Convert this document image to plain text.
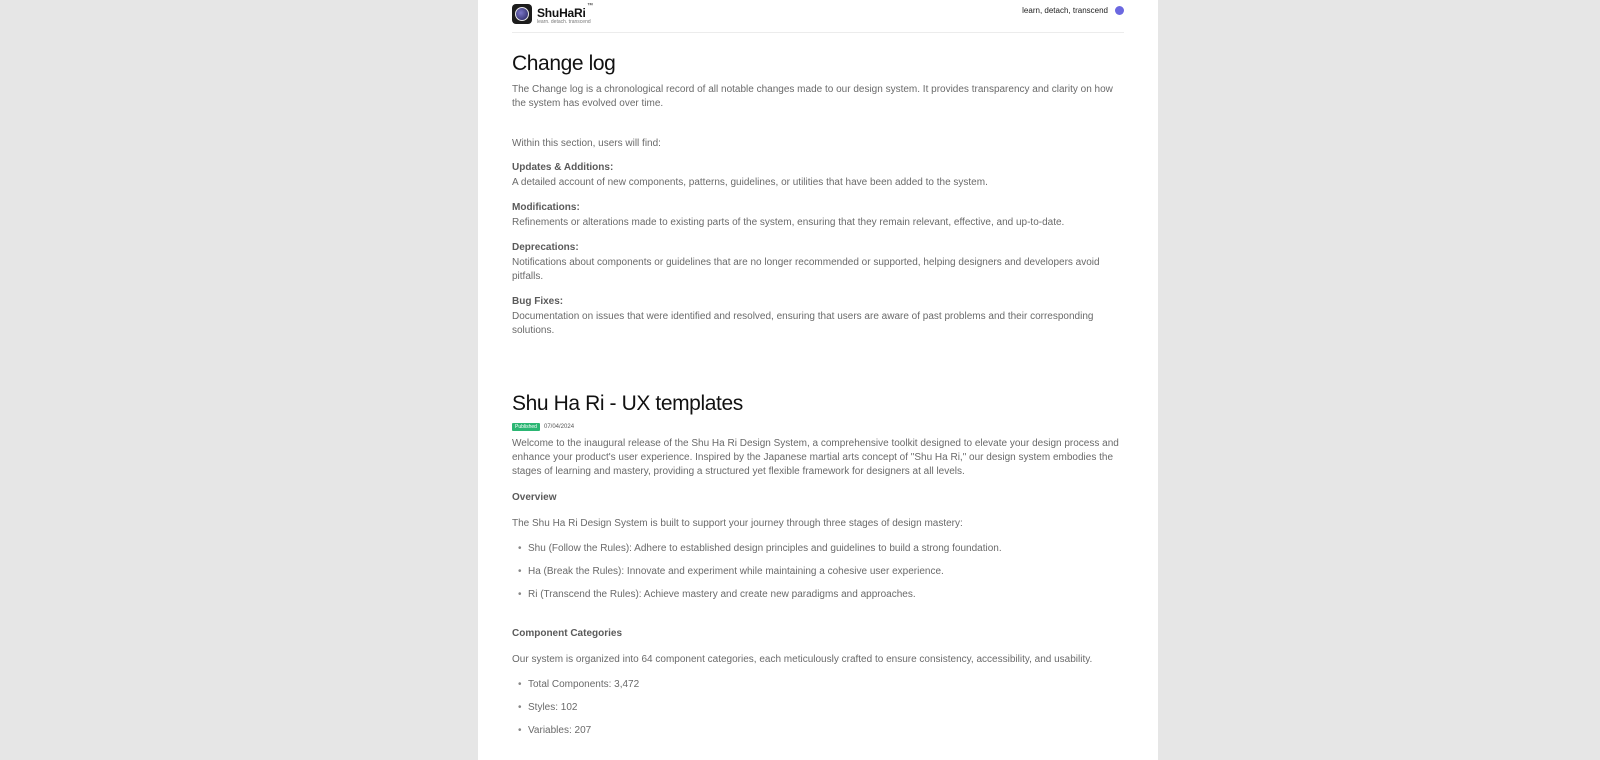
ShuHaRi ™
learn. detach. transcend
learn, detach, transcend
Change log

The Change log is a chronological record of all notable changes made to our design system. It provides transparency and clarity on how the system has evolved over time.

Within this section, users will find:

Updates & Additions:

A detailed account of new components, patterns, guidelines, or utilities that have been added to the system.

Modifications:

Refinements or alterations made to existing parts of the system, ensuring that they remain relevant, effective, and up-to-date.

Deprecations:

Notifications about components or guidelines that are no longer recommended or supported, helping designers and developers avoid pitfalls.

Bug Fixes:

Documentation on issues that were identified and resolved, ensuring that users are aware of past problems and their corresponding solutions.

Shu Ha Ri - UX templates
Published	07/04/2024

Welcome to the inaugural release of the Shu Ha Ri Design System, a comprehensive toolkit designed to elevate your design process and enhance your product's user experience. Inspired by the Japanese martial arts concept of "Shu Ha Ri," our design system embodies the stages of learning and mastery, providing a structured yet flexible framework for designers at all levels.

Overview

The Shu Ha Ri Design System is built to support your journey through three stages of design mastery:

• Shu (Follow the Rules): Adhere to established design principles and guidelines to build a strong foundation.
• Ha (Break the Rules): Innovate and experiment while maintaining a cohesive user experience.
• Ri (Transcend the Rules): Achieve mastery and create new paradigms and approaches.
Component Categories

Our system is organized into 64 component categories, each meticulously crafted to ensure consistency, accessibility, and usability.

• Total Components: 3,472
• Styles: 102
• Variables: 207
